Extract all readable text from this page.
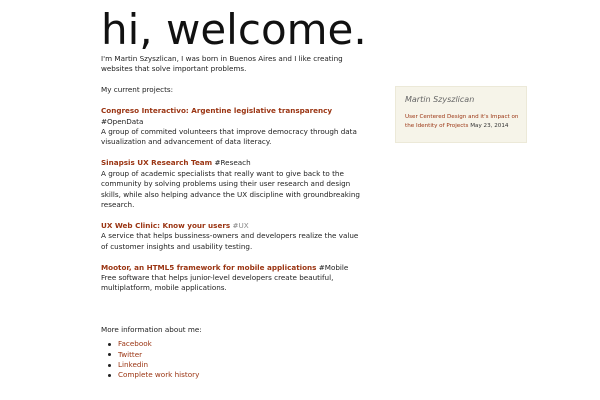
hi, welcome.

I'm Martin Szyszlican, I was born in Buenos Aires and I like creating websites that solve important problems.

My current projects:

Congreso Interactivo: Argentine legislative transparency #OpenData

A group of commited volunteers that improve democracy through data visualization and advancement of data literacy.

Sinapsis UX Research Team #Reseach

A group of academic specialists that really want to give back to the community by solving problems using their user research and design skills, while also helping advance the UX discipline with groundbreaking research.

UX Web Clinic: Know your users #UX

A service that helps bussiness-owners and developers realize the value of customer insights and usability testing.

Mootor, an HTML5 framework for mobile applications #Mobile

Free software that helps junior-level developers create beautiful, multiplatform, mobile applications.

More information about me:

Facebook
Twitter
Linkedin
Complete work history

Martin Szyszlican

User Centered Design and it's Impact on the Identity of Projects May 23, 2014
